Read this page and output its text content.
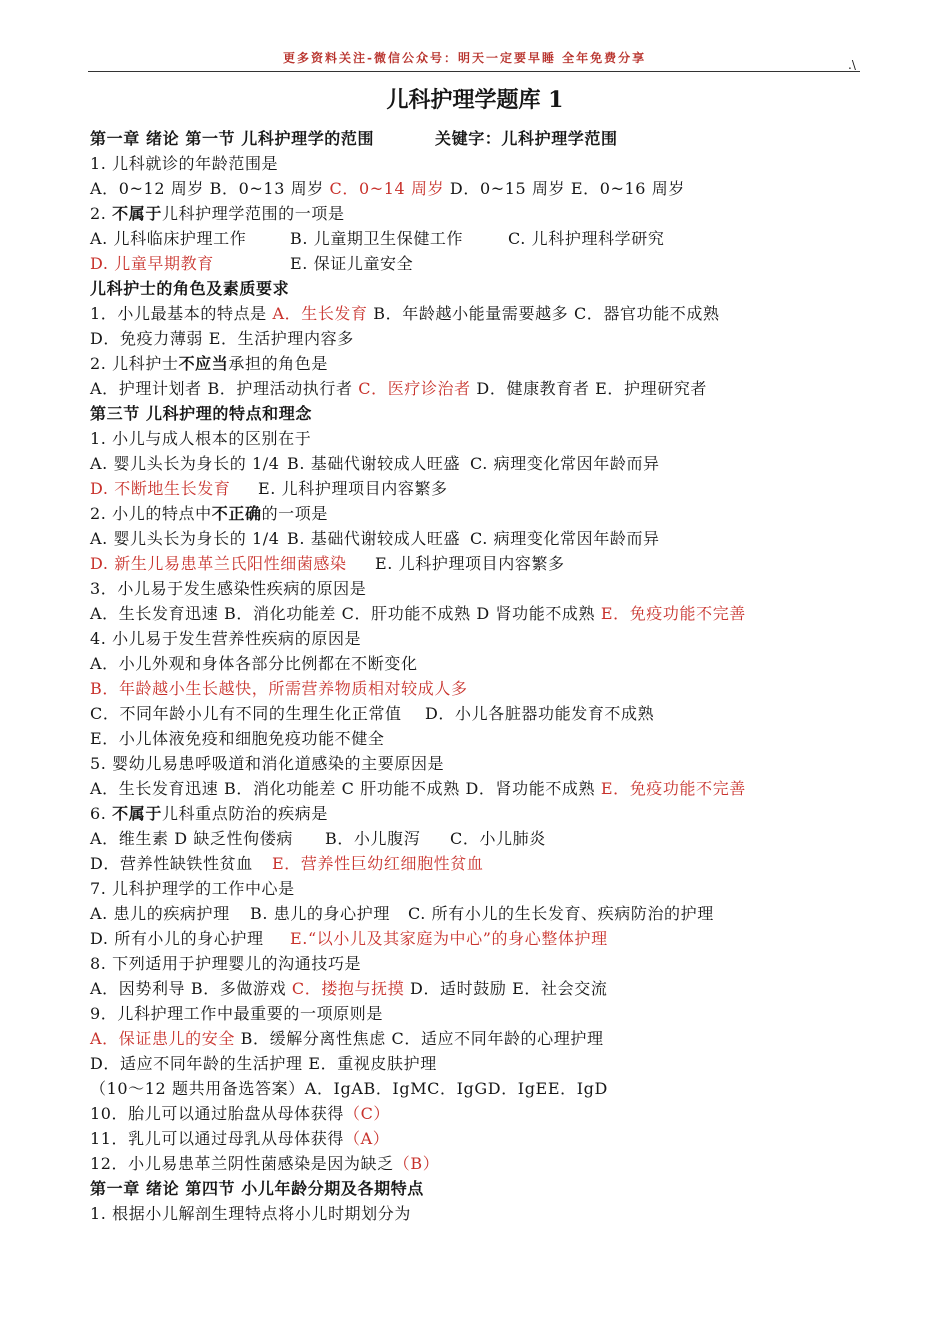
更多资料关注-微信公众号：明天一定要早睡 全年免费分享	.\
儿科护理学题库 1
第一章 绪论 第一节 儿科护理学的范围	关键字：儿科护理学范围
1. 儿科就诊的年龄范围是
A．0~12 周岁 B．0~13 周岁 C．0~14 周岁 D．0~15 周岁 E．0~16 周岁
2. 不属于 儿科护理学范围的一项是
A. 儿科临床护理工作	B. 儿童期卫生保健工作	C. 儿科护理科学研究
D. 儿童早期教育	E. 保证儿童安全
儿科护士的角色及素质要求
1．小儿最基本的特点是 A．生长发育 B．年龄越小能量需要越多 C．器官功能不成熟
D．免疫力薄弱 E．生活护理内容多
2. 儿科护士 不应当 承担的角色是
A．护理计划者 B．护理活动执行者 C．医疗诊治者 D．健康教育者 E．护理研究者
第三节 儿科护理的特点和理念
1. 小儿与成人根本的区别在于
A. 婴儿头长为身长的 1/4 B. 基础代谢较成人旺盛 C. 病理变化常因年龄而异
D. 不断地生长发育 E. 儿科护理项目内容繁多
2. 小儿的特点中 不正确 的一项是
A. 婴儿头长为身长的 1/4 B. 基础代谢较成人旺盛 C. 病理变化常因年龄而异
D. 新生儿易患革兰氏阳性细菌感染 E. 儿科护理项目内容繁多
3．小儿易于发生感染性疾病的原因是
A．生长发育迅速 B．消化功能差 C．肝功能不成熟 D 肾功能不成熟 E．免疫功能不完善
4. 小儿易于发生营养性疾病的原因是
A．小儿外观和身体各部分比例都在不断变化
B．年龄越小生长越快，所需营养物质相对较成人多
C．不同年龄小儿有不同的生理生化正常值 D．小儿各脏器功能发育不成熟
E．小儿体液免疫和细胞免疫功能不健全
5. 婴幼儿易患呼吸道和消化道感染的主要原因是
A．生长发育迅速 B．消化功能差 C 肝功能不成熟 D．肾功能不成熟 E．免疫功能不完善
6. 不属于 儿科重点防治的疾病是
A．维生素 D 缺乏性佝偻病 B．小儿腹泻 C．小儿肺炎
D．营养性缺铁性贫血 E．营养性巨幼红细胞性贫血
7. 儿科护理学的工作中心是
A. 患儿的疾病护理 B. 患儿的身心护理 C. 所有小儿的生长发育、疾病防治的护理
D. 所有小儿的身心护理 E.“以小儿及其家庭为中心”的身心整体护理
8. 下列适用于护理婴儿的沟通技巧是
A．因势利导 B．多做游戏 C．搂抱与抚摸 D．适时鼓励 E．社会交流
9．儿科护理工作中最重要的一项原则是
A．保证患儿的安全 B．缓解分离性焦虑 C．适应不同年龄的心理护理
D．适应不同年龄的生活护理 E．重视皮肤护理
（10～12 题共用备选答案）A．IgAB．IgMC．IgGD．IgEE．IgD
10．胎儿可以通过胎盘从母体获得 （C）
11．乳儿可以通过母乳从母体获得 （A）
12．小儿易患革兰阴性菌感染是因为缺乏 （B）
第一章 绪论 第四节 小儿年龄分期及各期特点
1. 根据小儿解剖生理特点将小儿时期划分为
